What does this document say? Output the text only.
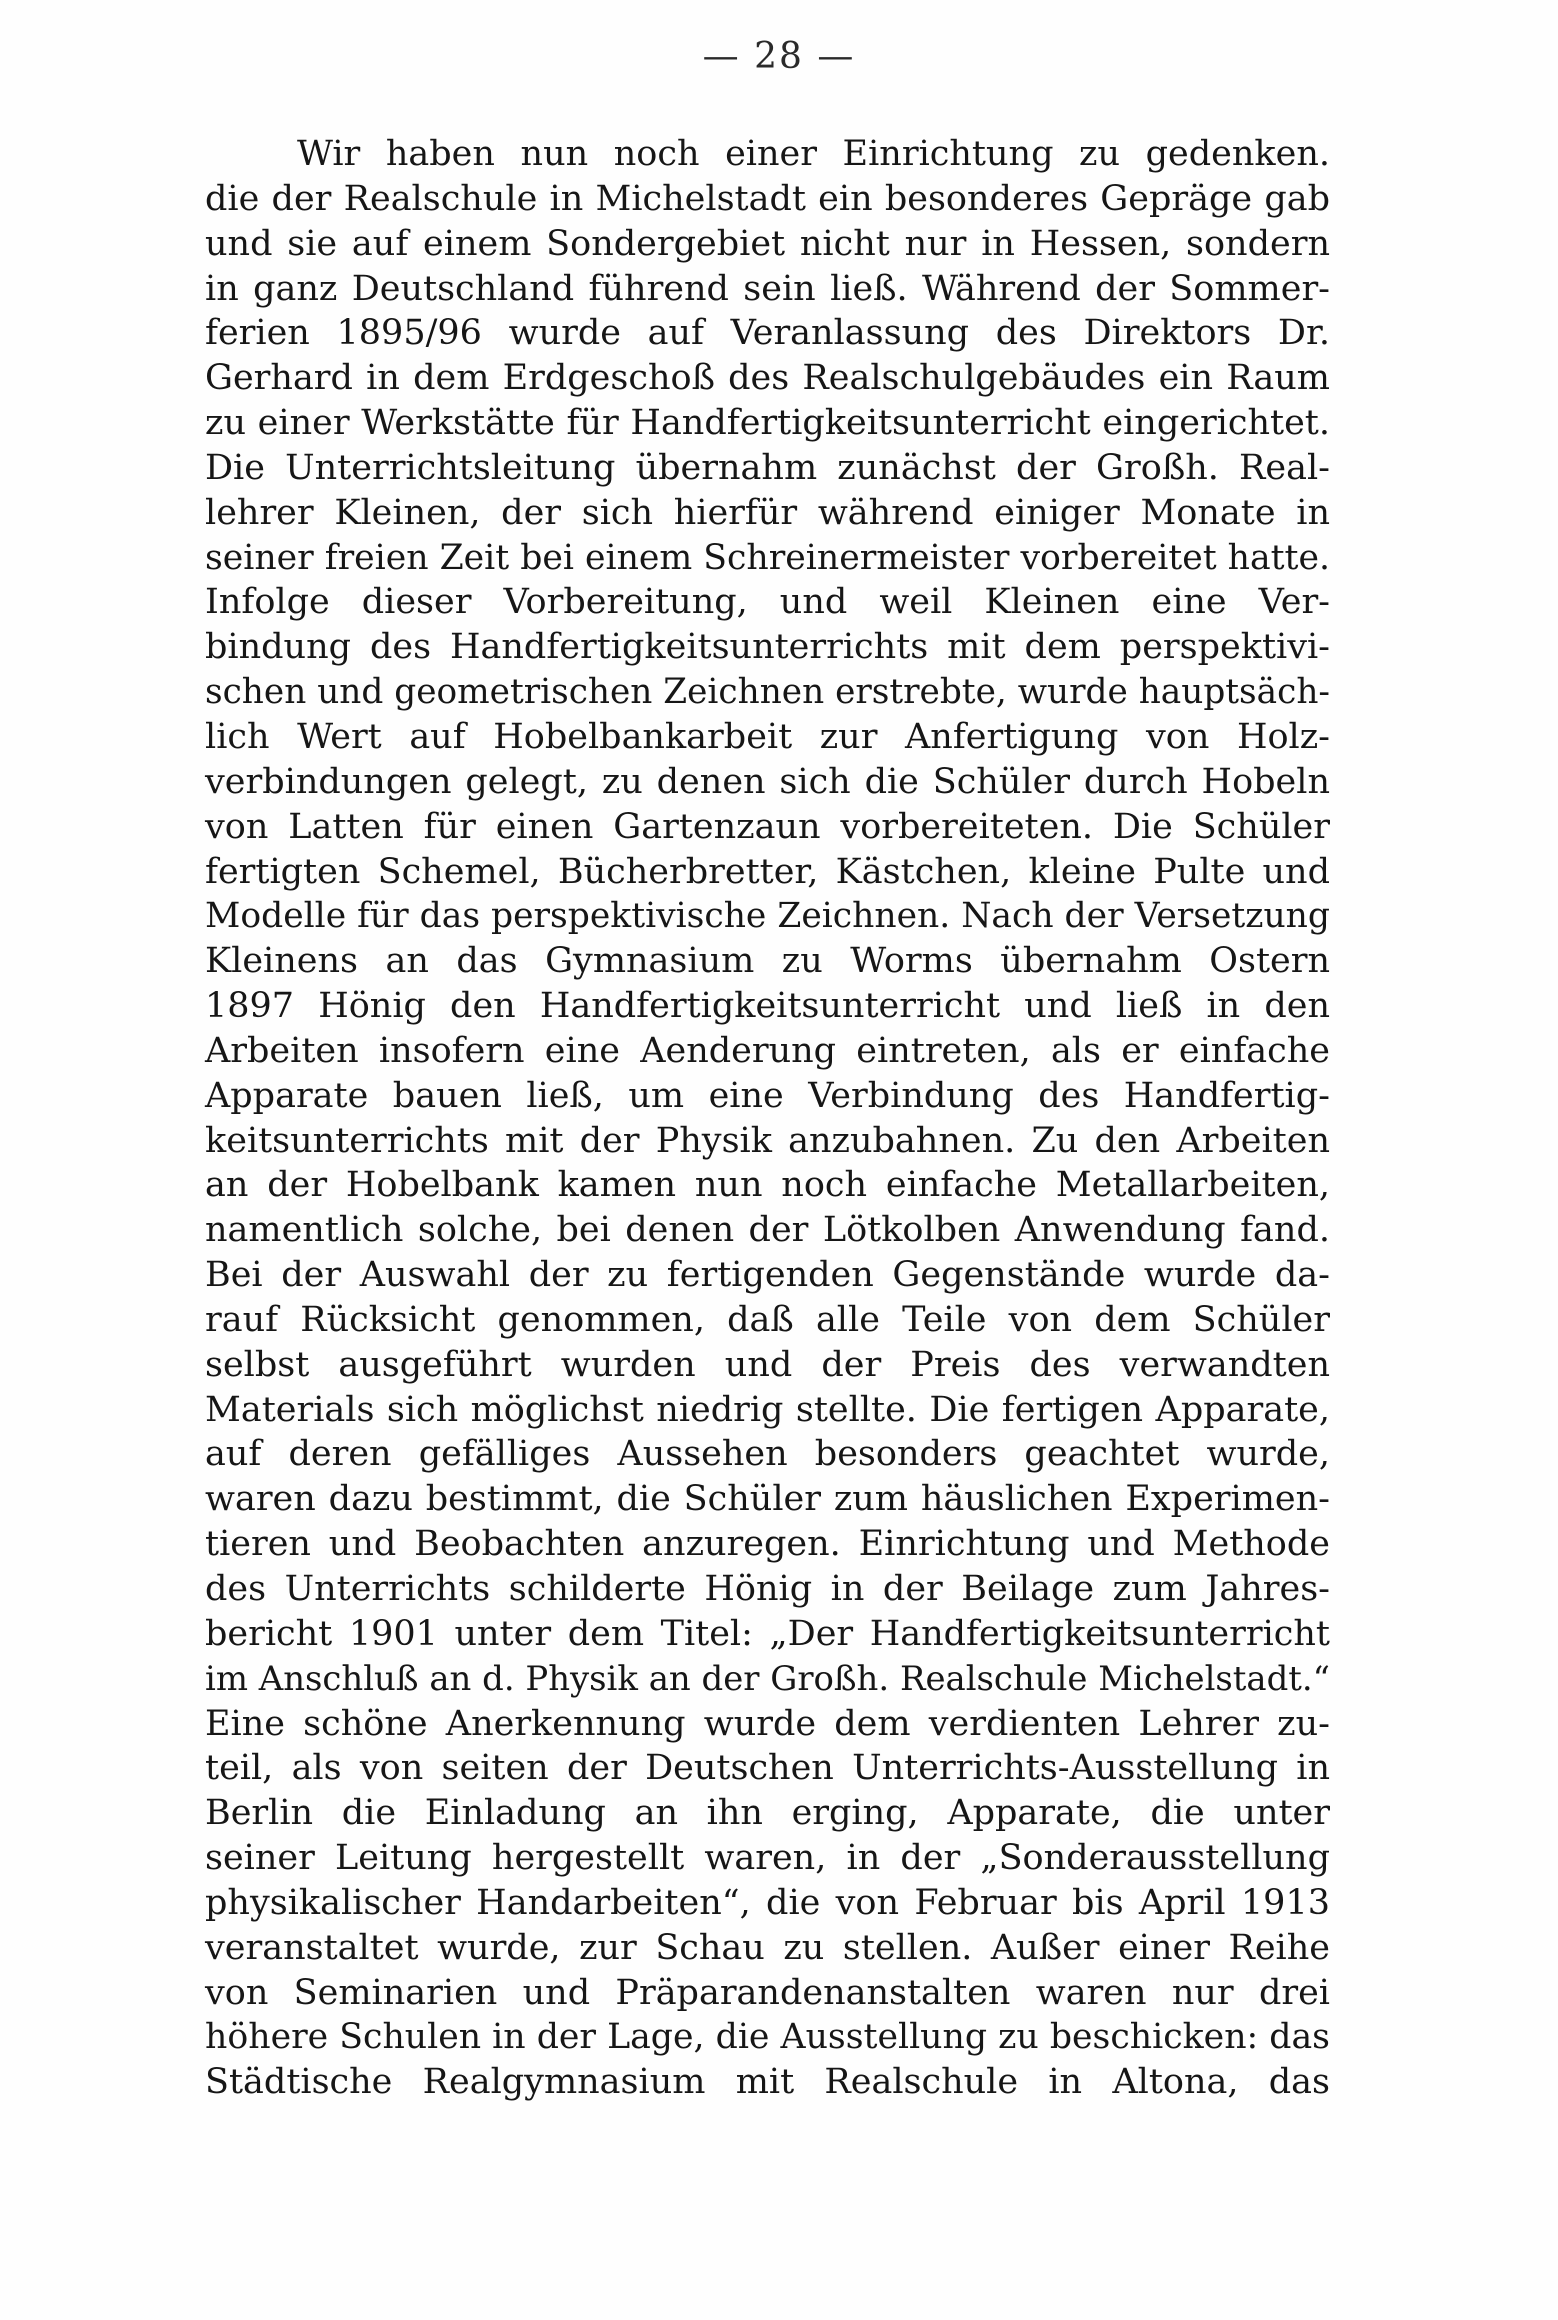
— 28 —
Wir haben nun noch einer Einrichtung zu gedenken.
die der Realschule in Michelstadt ein besonderes Gepräge gab
und sie auf einem Sondergebiet nicht nur in Hessen, sondern
in ganz Deutschland führend sein ließ. Während der Sommer-
ferien 1895/96 wurde auf Veranlassung des Direktors Dr.
Gerhard in dem Erdgeschoß des Realschulgebäudes ein Raum
zu einer Werkstätte für Handfertigkeitsunterricht eingerichtet.
Die Unterrichtsleitung übernahm zunächst der Großh. Real-
lehrer Kleinen, der sich hierfür während einiger Monate in
seiner freien Zeit bei einem Schreinermeister vorbereitet hatte.
Infolge dieser Vorbereitung, und weil Kleinen eine Ver-
bindung des Handfertigkeitsunterrichts mit dem perspektivi-
schen und geometrischen Zeichnen erstrebte, wurde hauptsäch-
lich Wert auf Hobelbankarbeit zur Anfertigung von Holz-
verbindungen gelegt, zu denen sich die Schüler durch Hobeln
von Latten für einen Gartenzaun vorbereiteten. Die Schüler
fertigten Schemel, Bücherbretter, Kästchen, kleine Pulte und
Modelle für das perspektivische Zeichnen. Nach der Versetzung
Kleinens an das Gymnasium zu Worms übernahm Ostern
1897 Hönig den Handfertigkeitsunterricht und ließ in den
Arbeiten insofern eine Aenderung eintreten, als er einfache
Apparate bauen ließ, um eine Verbindung des Handfertig-
keitsunterrichts mit der Physik anzubahnen. Zu den Arbeiten
an der Hobelbank kamen nun noch einfache Metallarbeiten,
namentlich solche, bei denen der Lötkolben Anwendung fand.
Bei der Auswahl der zu fertigenden Gegenstände wurde da-
rauf Rücksicht genommen, daß alle Teile von dem Schüler
selbst ausgeführt wurden und der Preis des verwandten
Materials sich möglichst niedrig stellte. Die fertigen Apparate,
auf deren gefälliges Aussehen besonders geachtet wurde,
waren dazu bestimmt, die Schüler zum häuslichen Experimen-
tieren und Beobachten anzuregen. Einrichtung und Methode
des Unterrichts schilderte Hönig in der Beilage zum Jahres-
bericht 1901 unter dem Titel: „Der Handfertigkeitsunterricht
im Anschluß an d. Physik an der Großh. Realschule Michelstadt.“
Eine schöne Anerkennung wurde dem verdienten Lehrer zu-
teil, als von seiten der Deutschen Unterrichts-Ausstellung in
Berlin die Einladung an ihn erging, Apparate, die unter
seiner Leitung hergestellt waren, in der „Sonderausstellung
physikalischer Handarbeiten“, die von Februar bis April 1913
veranstaltet wurde, zur Schau zu stellen. Außer einer Reihe
von Seminarien und Präparandenanstalten waren nur drei
höhere Schulen in der Lage, die Ausstellung zu beschicken: das
Städtische Realgymnasium mit Realschule in Altona, das
